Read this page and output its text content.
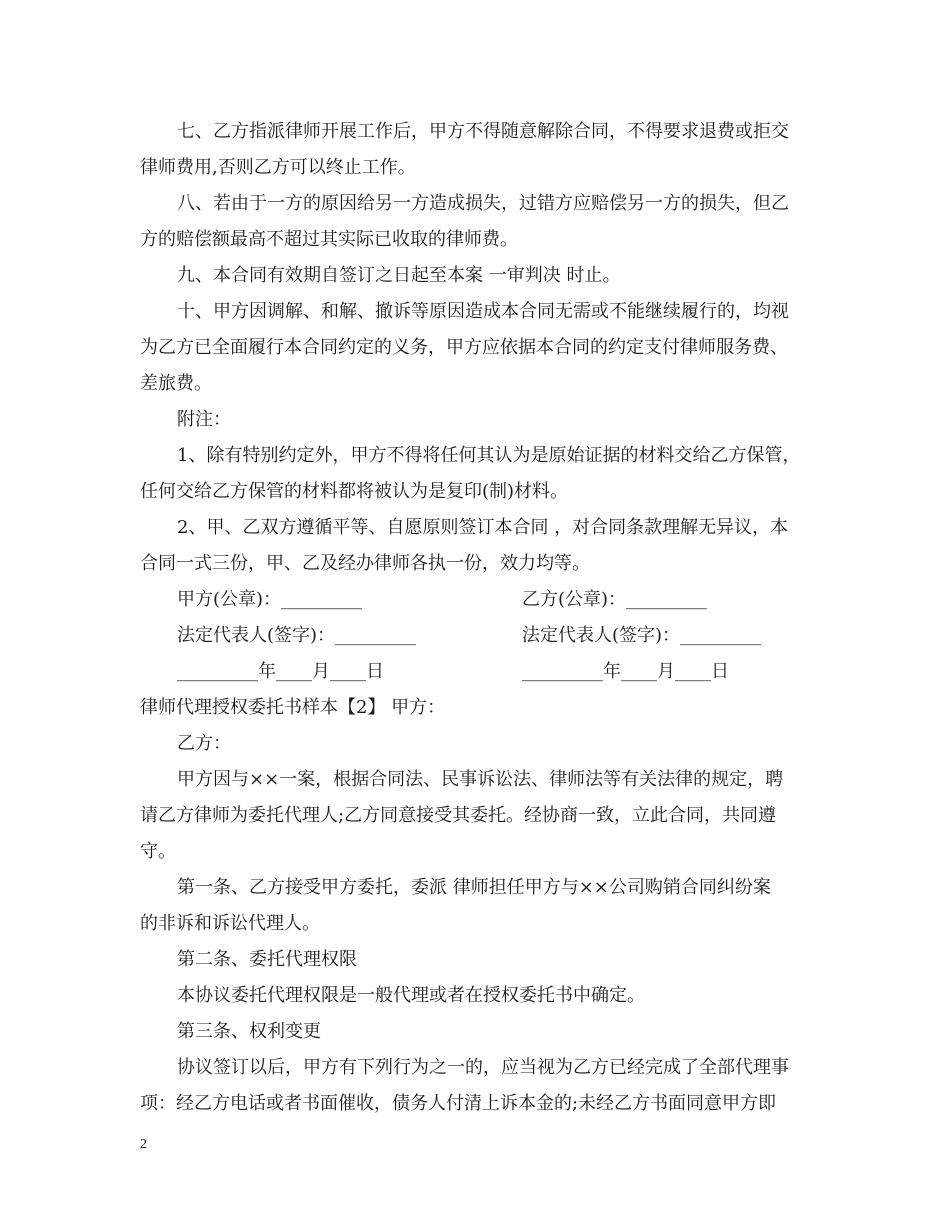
七、乙方指派律师开展工作后，甲方不得随意解除合同，不得要求退费或拒交
律师费用,否则乙方可以终止工作。
八、若由于一方的原因给另一方造成损失，过错方应赔偿另一方的损失，但乙
方的赔偿额最高不超过其实际已收取的律师费。
九、本合同有效期自签订之日起至本案 一审判决 时止。
十、甲方因调解、和解、撤诉等原因造成本合同无需或不能继续履行的，均视
为乙方已全面履行本合同约定的义务，甲方应依据本合同的约定支付律师服务费、
差旅费。
附注：
1、除有特别约定外，甲方不得将任何其认为是原始证据的材料交给乙方保管，
任何交给乙方保管的材料都将被认为是复印(制)材料。
2、甲、乙双方遵循平等、自愿原则签订本合同 ，对合同条款理解无异议，本
合同一式三份，甲、乙及经办律师各执一份，效力均等。
甲方(公章)：_________	乙方(公章)：_________
法定代表人(签字)：_________	法定代表人(签字)：_________
_________年____月____日	_________年____月____日
律师代理授权委托书样本【2】 甲方：
乙方：
甲方因与××一案，根据合同法、民事诉讼法、律师法等有关法律的规定，聘
请乙方律师为委托代理人;乙方同意接受其委托。经协商一致，立此合同，共同遵
守。
第一条、乙方接受甲方委托，委派 律师担任甲方与××公司购销合同纠纷案
的非诉和诉讼代理人。
第二条、委托代理权限
本协议委托代理权限是一般代理或者在授权委托书中确定。
第三条、权利变更
协议签订以后，甲方有下列行为之一的，应当视为乙方已经完成了全部代理事
项：经乙方电话或者书面催收，债务人付清上诉本金的;未经乙方书面同意甲方即
2
